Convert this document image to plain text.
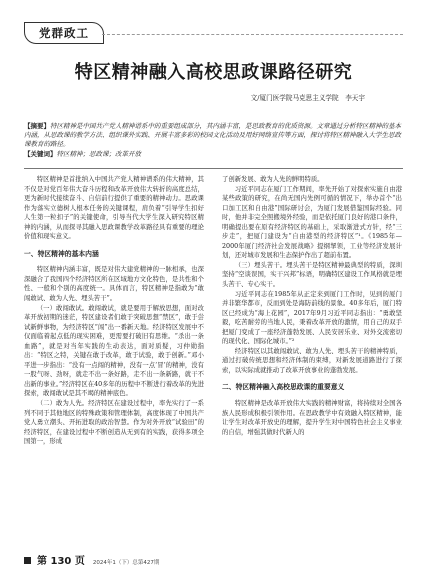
党群政工
特区精神融入高校思政课路径研究
文/厦门医学院马克思主义学院　李天宇
【摘要】特区精神是中国共产党人精神谱系中的重要组成部分，其内涵丰富，是思政教育的优质资源。文章通过分析特区精神的基本内涵，从思政课的教学方法、组织课外实践、开展丰富多彩的校园文化活动及用好网络宣传等方面，探讨将特区精神融入大学生思政课教育的路径。
【关键词】特区精神；思政课；改革开放

特区精神是首批纳入中国共产党人精神谱系的伟大精神，其不仅是对党百年伟大奋斗历程和改革开放伟大转折的高度总结，更为新时代接续奋斗、自信前行提供了重要的精神动力。思政课作为落实立德树人根本任务的关键课程，肩负着“引导学生扣好人生第一粒扣子”的关键使命，引导当代大学生深入研究特区精神的内涵，从而探寻其融入思政课教学改革路径具有重要的理论价值和现实意义。

一、特区精神的基本内涵

特区精神内涵丰富，既是对伟大建党精神的一脉相承，也深深融合了我国四个经济特区所在区域地方文化特色，是共性和个性、一般和个别的高度统一。具体而言，特区精神是指敢为“敢闯敢试、敢为人先、埋头苦干”。

（一）敢闯敢试。敢闯敢试，就是要用于解放思想，面对改革开放初期的迷茫，特区建设者们敢于突破思想“禁区”，敢于尝试新鲜事物，为经济特区“闯”出一番新天地。经济特区发展中不仅面临着起点低的现实困难，更需要打破旧有思维。“杀出一条血路”，就是对当年实践的生动表达，面对质疑，习仲勋指出：“特区之特，关键在敢于改革，敢于试验，敢于创新。”邓小平进一步指出：“没有一点闯的精神，没有一点‘冒’的精神，没有一股气呀、劲呀，就走不出一条好路，走不出一条新路，就干不出新的事业。”经济特区在40多年的历程中不断进行着改革的先进探索，敢闯敢试是其不竭的精神底色。

（二）敢为人先。经济特区在建设过程中，率先实行了一系列不同于其他地区的特殊政策和管理体制，高度体现了中国共产党人勇立潮头、开拓进取的政治智慧。作为对外开放“试验田”的经济特区，在建设过程中不断创造从无到有的实践，获得多项全国第一，形成

了创新发展、敢为人先的鲜明特质。

习近平同志在厦门工作期间，率先开始了对探索实施自由港某些政策的研究，在尚无国内先例可循的情况下，举办首个“出口加工区和自由港”国际研讨会，为厦门发展借鉴国际经验。同时，他并非完全照搬境外经验，而是依托厦门良好的港口条件，明确提出要在原有经济特区的基础上，采取渐进式方针，经“三步走”，把厦门建设为“自由港型的经济特区”¹。《1985年—2000年厦门经济社会发展战略》提纲挈领，工业等经济发展计划，还对城市发展和生态保护作出了超前布置。

（三）埋头苦干。埋头苦干是特区精神最典型的特质，深圳坚持“空谈误国，实干兴邦”标语，明确特区建设工作风格就是埋头苦干、专心实干。

习近平同志在1985年从正定来到厦门工作时，见到的厦门并非繁华都市，反而到处是海防前线的景象。40多年后，厦门特区已经成为“海上花园”，2017年9月习近平同志指出：“勇敢坚毅，吃苦耐劳的当地人民，秉着改革开放的激情，用自己的双手把厦门变成了一座经济蓬勃发展、人民安居乐业、对外交流密切的现代化、国际化城市。”²

经济特区以其敢闯敢试、敢为人先、埋头苦干的精神特质，通过打破传统思想和经济体制的束缚，对新发展道路进行了探索，以实际成就推动了改革开放事业的蓬勃发展。

二、特区精神融入高校思政课的重要意义

特区精神是改革开放伟大实践的精神财富，将持续对全国各族人民形成积极引领作用。在思政教学中有效融入特区精神，能让学生对改革开放史的理解，提升学生对中国特色社会主义事业的自信，增强其做时代新人的

第 130 页 2024年1（下）总第427期
